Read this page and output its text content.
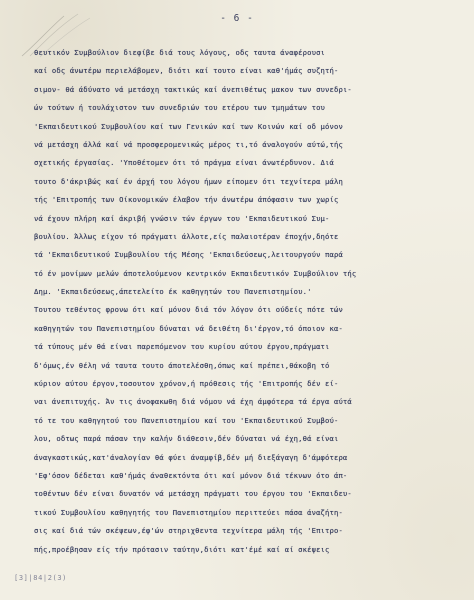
- 6 -
θευτικόν Συμβούλιον διεφίβε διά τους λόγους, οδς ταυτα άναφέρουσι
καί οδς άνωτέρω περιελάβομεν, διότι καί τουτο είναι καθ'ήμάς συζητή-
σιμον- θά άδύνατο νά μετάσχη τακτικώς καί άνεπιθέτως μακον των συνεδρι-
ών τούτων ή τουλάχιστον των συνεδριών του ετέρου των τμημάτων του
'Εκπαιδευτικού Συμβουλίου καί των Γενικών καί των Κοινών καί οδ μόνον
νά μετάσχη άλλά καί νά προσφερομενικώς μέρος τι,τό άναλογούν αύτώ,τής
σχετικής έργασίας. 'Υποθέτομεν ότι τό πράγμα είναι άνωτέρδυνον. Διά
τουτο δ'άκριβώς καί έν άρχή του λόγου ήμων είπομεν ότι τεχνίτερα μάλη
τής 'Επιτροπής των Οίκονομικών έλαβον τήν άνωτέρω άπόφασιν των χωρίς
νά έχουν πλήρη καί άκριβή γνώσιν τών έργων του 'Εκπαιδευτικού Συμ-
βουλίου. Άλλως είχον τό πράγματι άλλοτε,είς παλαιοτέραν έποχήν,δηότε
τά 'Εκπαιδευτικού Συμβουλίου τής Μέσης 'Εκπαιδεύσεως,λειτουργούν παρά
τό έν μονίμων μελών άποτελούμενον κεντρικόν Εκπαιδευτικόν Συμβούλιον τής
Δημ. 'Εκπαιδεύσεως,άπετελείτο έκ καθηγητών του Πανεπιστημίου.'
Τουτου τεθέντος φρονω ότι καί μόνον διά τόν λόγον ότι ούδείς πότε τών
καθηγητών του Πανεπιστημίου δύναται νά δειθέτη δι'έργον,τό όποιον κα-
τά τύπους μέν θά είναι παρεπόμενον του κυρίου αύτου έργου,πράγματι
δ'όμως,έν θέλη νά ταυτα τουτο άποτελέσθη,όπως καί πρέπει,θάκοβη τό
κύριον αύτου έργον,τοσουτον χρόνον,ή πρόθεσις τής 'Επιτροπής δέν εί-
ναι άνεπιτυχής. Άν τις άνοφακωθη διά νόμου νά έχη άμφότερα τά έργα αύτά
τό τε του καθηγητού του Πανεπιστημίου καί του 'Εκπαιδευτικού Συμβού-
λου, οδτως παρά πάσαν την καλήν διάθεσιν,δέν δύναται νά έχη,θά είναι
άναγκαστικώς,κατ'άναλογίαν θά φύει άναμφίβ,δέν μή διεξάγαγη δ'άμφότερα
'Εφ'όσον δέδεται καθ'ήμάς άναθεκτόντα ότι καί μόνον διά τέκνων ότο άπ-
τοθέντων δέν είναι δυνατόν νά μετάσχη πράγματι του έργου του 'Εκπαιδευ-
τικού Συμβουλίου καθηγητής του Πανεπιστημίου περιττεύει πάσα άναζήτη-
σις καί διά τών σκέψεων,έφ'ών στηριχθεντα τεχνίτερα μάλη τής 'Επιτρο-
πής,προέβησαν είς τήν πρότασιν ταύτην,διότι κατ'έμέ καί αί σκέψεις
[3]|84|2(3)
